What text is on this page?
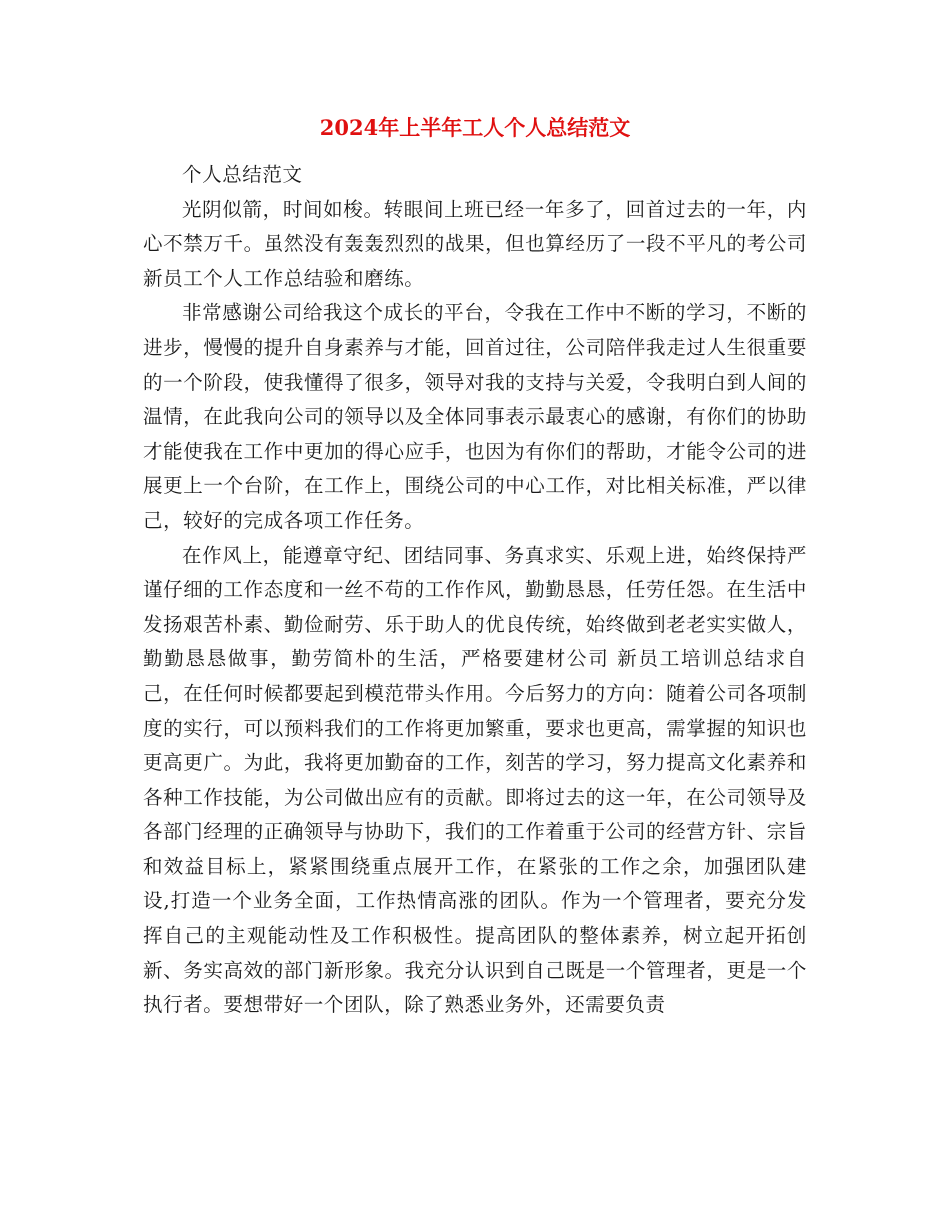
2024年上半年工人个人总结范文

个人总结范文

光阴似箭，时间如梭。转眼间上班已经一年多了，回首过去的一年，内心不禁万千。虽然没有轰轰烈烈的战果，但也算经历了一段不平凡的考公司新员工个人工作总结验和磨练。

非常感谢公司给我这个成长的平台，令我在工作中不断的学习，不断的进步，慢慢的提升自身素养与才能，回首过往，公司陪伴我走过人生很重要的一个阶段，使我懂得了很多，领导对我的支持与关爱，令我明白到人间的温情，在此我向公司的领导以及全体同事表示最衷心的感谢，有你们的协助才能使我在工作中更加的得心应手，也因为有你们的帮助，才能令公司的进展更上一个台阶，在工作上，围绕公司的中心工作，对比相关标准，严以律己，较好的完成各项工作任务。

在作风上，能遵章守纪、团结同事、务真求实、乐观上进，始终保持严谨仔细的工作态度和一丝不苟的工作作风，勤勤恳恳，任劳任怨。在生活中发扬艰苦朴素、勤俭耐劳、乐于助人的优良传统，始终做到老老实实做人，勤勤恳恳做事，勤劳简朴的生活，严格要建材公司 新员工培训总结求自己，在任何时候都要起到模范带头作用。今后努力的方向：随着公司各项制度的实行，可以预料我们的工作将更加繁重，要求也更高，需掌握的知识也更高更广。为此，我将更加勤奋的工作，刻苦的学习，努力提高文化素养和各种工作技能，为公司做出应有的贡献。即将过去的这一年，在公司领导及各部门经理的正确领导与协助下，我们的工作着重于公司的经营方针、宗旨和效益目标上，紧紧围绕重点展开工作，在紧张的工作之余，加强团队建设,打造一个业务全面，工作热情高涨的团队。作为一个管理者，要充分发挥自己的主观能动性及工作积极性。提高团队的整体素养，树立起开拓创新、务实高效的部门新形象。我充分认识到自己既是一个管理者，更是一个执行者。要想带好一个团队，除了熟悉业务外，还需要负责
